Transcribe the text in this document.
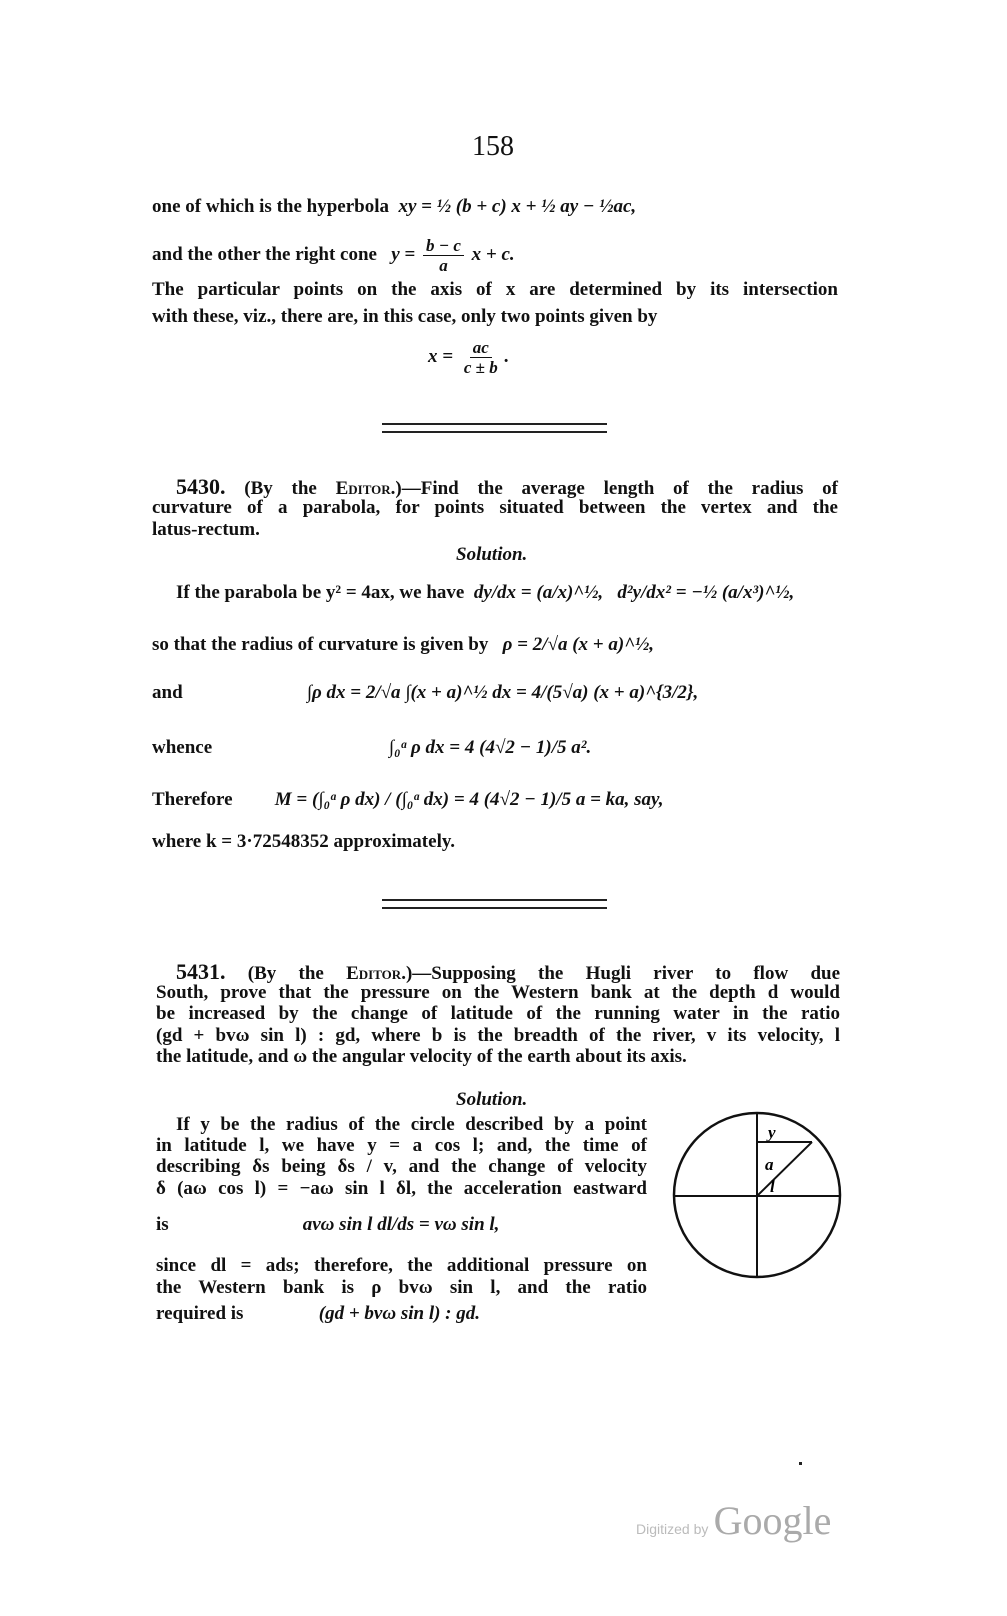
158
one of which is the hyperbola xy = ½ (b + c) x + ½ ay − ½ac,
and the other the right cone $y = \frac{b - c}{a}$ x + c.
The particular points on the axis of x are determined by its intersection
with these, viz., there are, in this case, only two points given by
$x = \frac{ac}{c \pm b}$ .
5430. (By the Editor.)—Find the average length of the radius of
curvature of a parabola, for points situated between the vertex and the
latus-rectum.
Solution.
If the parabola be y² = 4ax, we have dy/dx = (a/x)^½, d²y/dx² = −½ (a/x³)^½,
so that the radius of curvature is given by ρ = 2/√a (x + a)^½,
and	∫ρ dx = 2/√a ∫(x + a)^½ dx = 4/(5√a) (x + a)^{3/2},
whence	∫₀ᵃ ρ dx = 4 (4√2 − 1)/5 a².
Therefore M = (∫₀ᵃ ρ dx) / (∫₀ᵃ dx) = 4 (4√2 − 1)/5 a = ka, say,
where k = 3·72548352 approximately.
5431. (By the Editor.)—Supposing the Hugli river to flow due
South, prove that the pressure on the Western bank at the depth d would
be increased by the change of latitude of the running water in the ratio
(gd + bvω sin l) : gd, where b is the breadth of the river, v its velocity, l
the latitude, and ω the angular velocity of the earth about its axis.
Solution.
If y be the radius of the circle described by a point
in latitude l, we have y = a cos l; and, the time of
describing δs being δs / v, and the change of velocity
δ (aω cos l) = −aω sin l δl, the acceleration eastward
is	avω sin l dl/ds = vω sin l,
since dl = ads; therefore, the additional pressure on
the Western bank is ρ bvω sin l, and the ratio
required is	(gd + bvω sin l) : gd.
y
a
l
Digitized by Google
